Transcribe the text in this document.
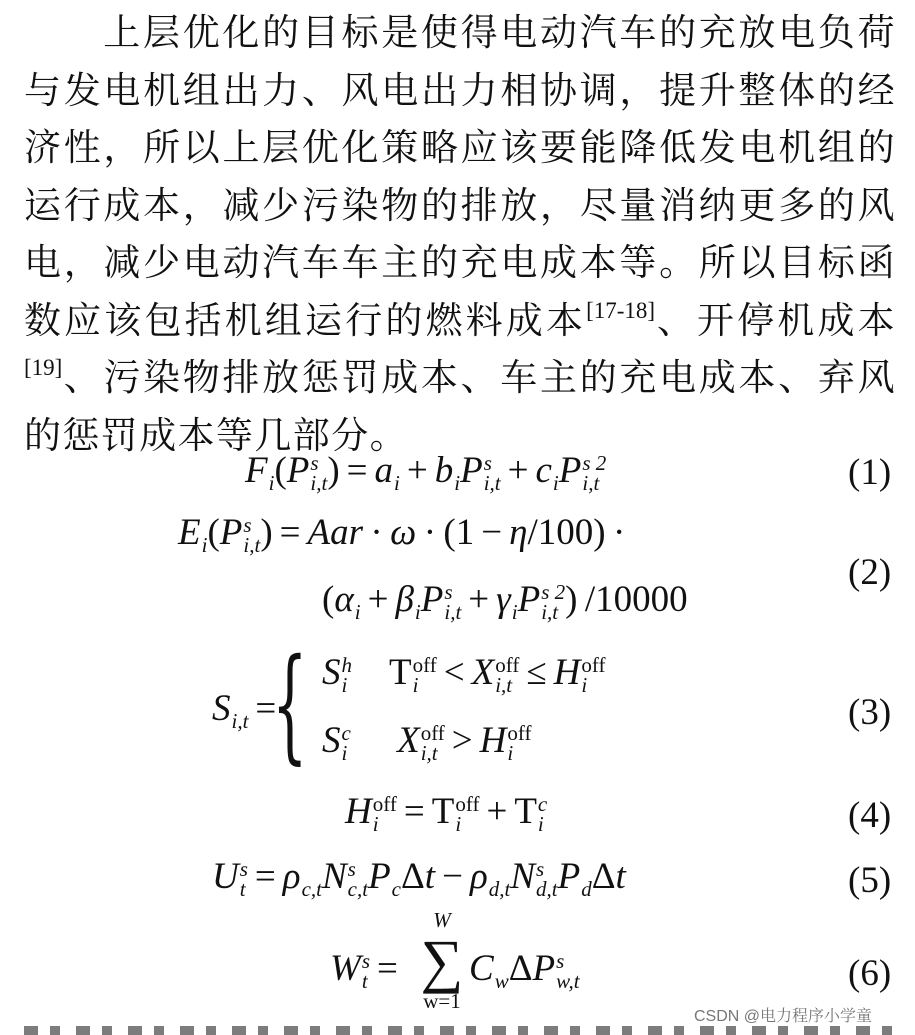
上层优化的目标是使得电动汽车的充放电负荷与发电机组出力、风电出力相协调，提升整体的经济性，所以上层优化策略应该要能降低发电机组的运行成本，减少污染物的排放，尽量消纳更多的风电，减少电动汽车车主的充电成本等。所以目标函数应该包括机组运行的燃料成本[17-18]、开停机成本[19]、污染物排放惩罚成本、车主的充电成本、弃风的惩罚成本等几部分。
F
i (P s
i,t ) = a
i + b
i P s
i,t + c
i P s 2
i,t	(1)
E
i (P s
i,t ) = Aar · ω · (1 − η/100) ·
(α
i + β
i P s
i,t + γ
i P s 2
i,t ) /10000
(2)
S
i,t =
{ S h
i T off
i < X off
i,t ≤ H off
i
S c
i X off
i,t > H off
i
(3)
H off
i = T off
i + T c
i	(4)
U s
t = ρ
c,t N s
c,t P
c Δt − ρ
d,t N s
d,t P
d Δt	(5)
W s
t =
W
∑
w=1
C
w ΔP s
w,t	(6)
CSDN @电力程序小学童
